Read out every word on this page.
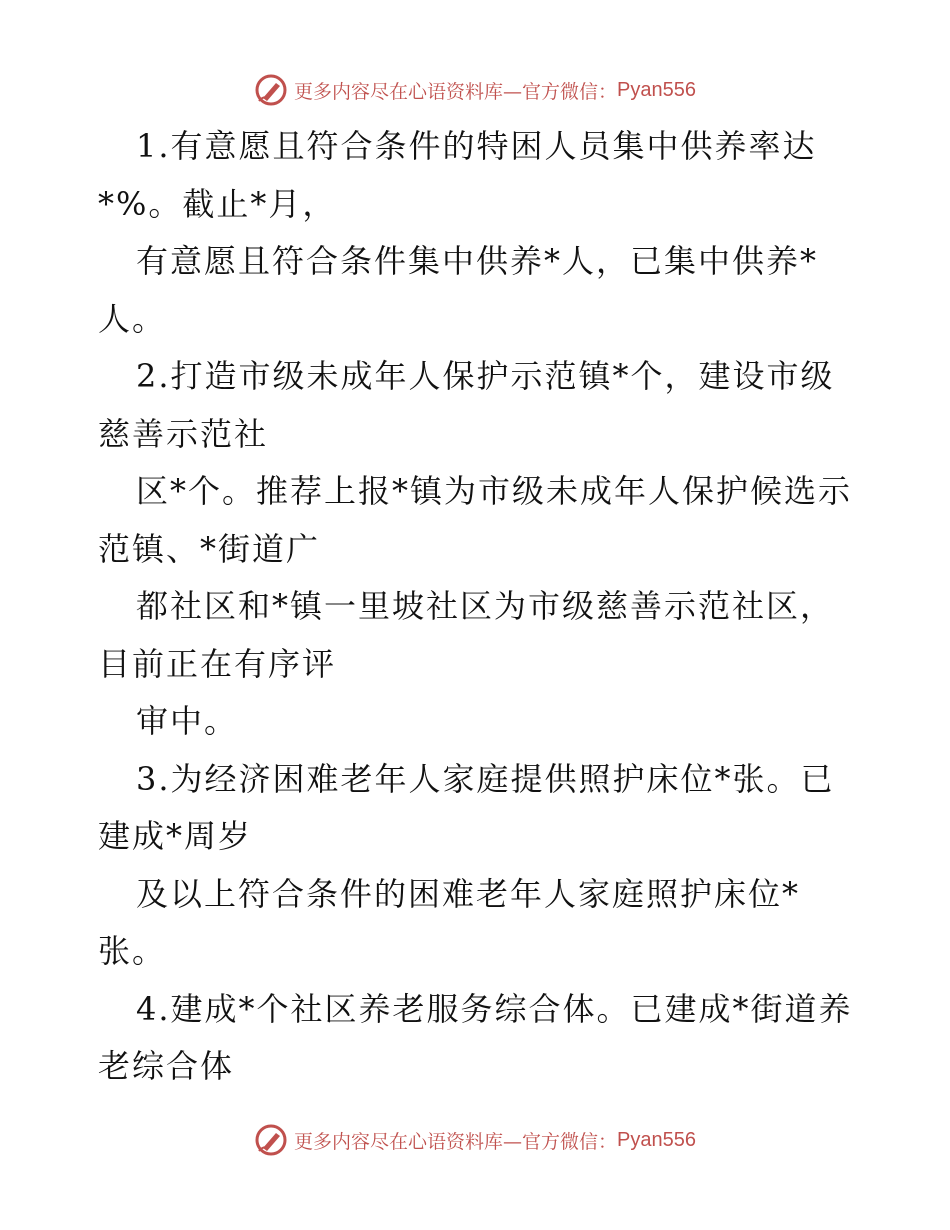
更多内容尽在心语资料库— 官方微信： Pyan556
1.有意愿且符合条件的特困人员集中供养率达
*%。截止*月，
有意愿且符合条件集中供养*人，已集中供养*
人。
2.打造市级未成年人保护示范镇*个，建设市级
慈善示范社
区*个。推荐上报*镇为市级未成年人保护候选示
范镇、*街道广
都社区和*镇一里坡社区为市级慈善示范社区，
目前正在有序评
审中。
3.为经济困难老年人家庭提供照护床位*张。已
建成*周岁
及以上符合条件的困难老年人家庭照护床位*
张。
4.建成*个社区养老服务综合体。已建成*街道养
老综合体
更多内容尽在心语资料库— 官方微信： Pyan556
